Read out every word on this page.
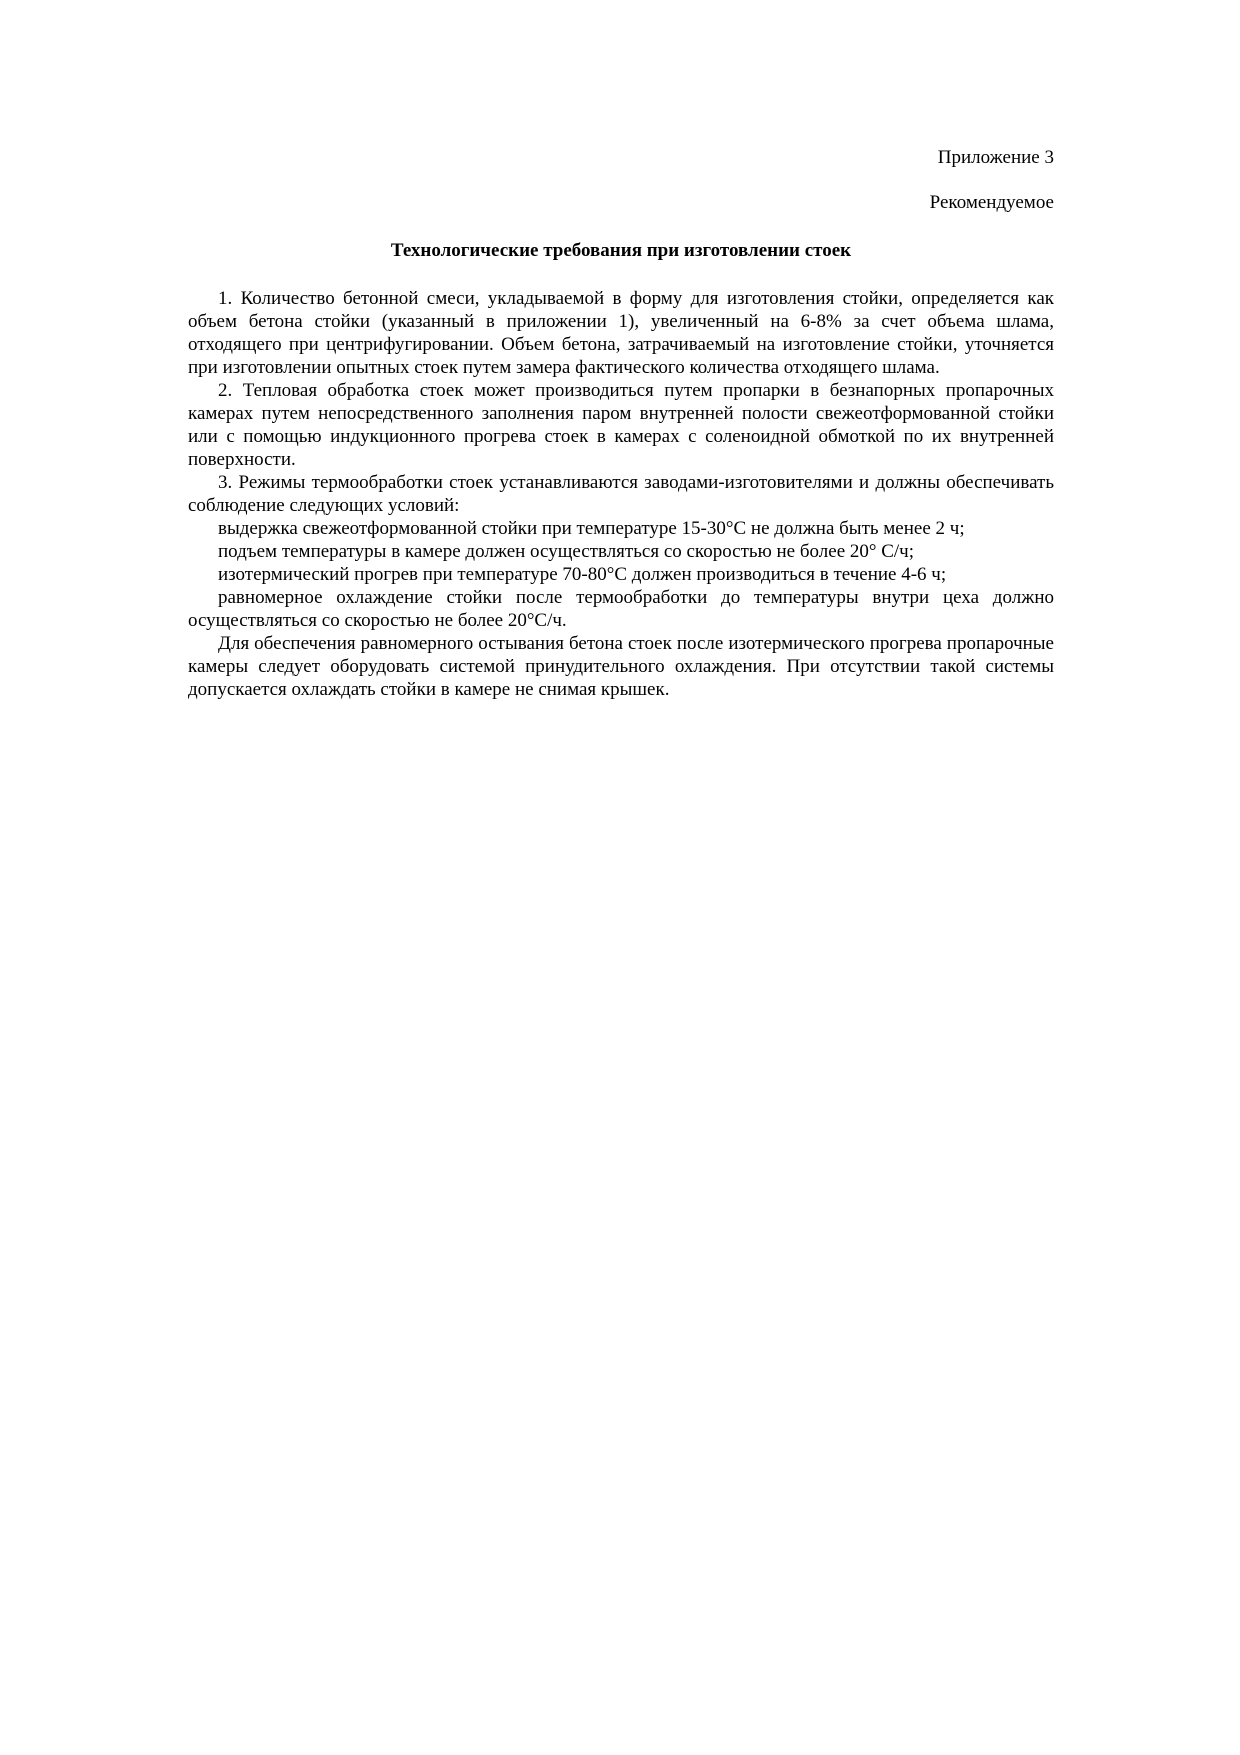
Приложение 3

Рекомендуемое

Технологические требования при изготовлении стоек

1. Количество бетонной смеси, укладываемой в форму для изготовления стойки, определяется как объем бетона стойки (указанный в приложении 1), увеличенный на 6-8% за счет объема шлама, отходящего при центрифугировании. Объем бетона, затрачиваемый на изготовление стойки, уточняется при изготовлении опытных стоек путем замера фактического количества отходящего шлама.

2. Тепловая обработка стоек может производиться путем пропарки в безнапорных пропарочных камерах путем непосредственного заполнения паром внутренней полости свежеотформованной стойки или с помощью индукционного прогрева стоек в камерах с соленоидной обмоткой по их внутренней поверхности.

3. Режимы термообработки стоек устанавливаются заводами-изготовителями и должны обеспечивать соблюдение следующих условий:

выдержка свежеотформованной стойки при температуре 15-30°С не должна быть менее 2 ч;

подъем температуры в камере должен осуществляться со скоростью не более 20° С/ч;

изотермический прогрев при температуре 70-80°С должен производиться в течение 4-6 ч;

равномерное охлаждение стойки после термообработки до температуры внутри цеха должно осуществляться со скоростью не более 20°С/ч.

Для обеспечения равномерного остывания бетона стоек после изотермического прогрева пропарочные камеры следует оборудовать системой принудительного охлаждения. При отсутствии такой системы допускается охлаждать стойки в камере не снимая крышек.
